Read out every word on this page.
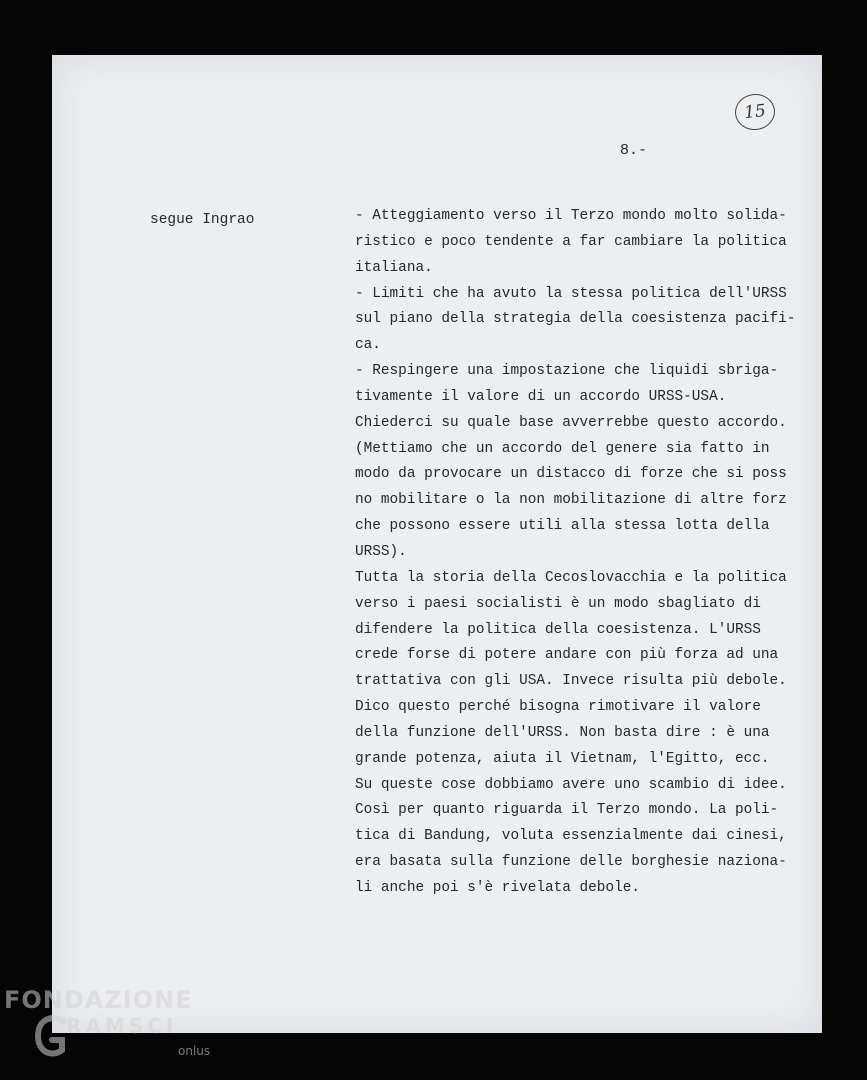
15
8.-
segue Ingrao	- Atteggiamento verso il Terzo mondo molto solida-
ristico e poco tendente a far cambiare la politica
italiana.
- Limiti che ha avuto la stessa politica dell'URSS
sul piano della strategia della coesistenza pacifi-
ca.
- Respingere una impostazione che liquidi sbriga-
tivamente il valore di un accordo URSS-USA.
Chiederci su quale base avverrebbe questo accordo.
(Mettiamo che un accordo del genere sia fatto in
modo da provocare un distacco di forze che si poss
no mobilitare o la non mobilitazione di altre forz
che possono essere utili alla stessa lotta della
URSS).
Tutta la storia della Cecoslovacchia e la politica
verso i paesi socialisti è un modo sbagliato di
difendere la politica della coesistenza. L'URSS
crede forse di potere andare con più forza ad una
trattativa con gli USA. Invece risulta più debole.
Dico questo perché bisogna rimotivare il valore
della funzione dell'URSS. Non basta dire : è una
grande potenza, aiuta il Vietnam, l'Egitto, ecc.
Su queste cose dobbiamo avere uno scambio di idee.
Così per quanto riguarda il Terzo mondo. La poli-
tica di Bandung, voluta essenzialmente dai cinesi,
era basata sulla funzione delle borghesie naziona-
li anche poi s'è rivelata debole.
FONDAZIONE
RAMSCI
onlus
